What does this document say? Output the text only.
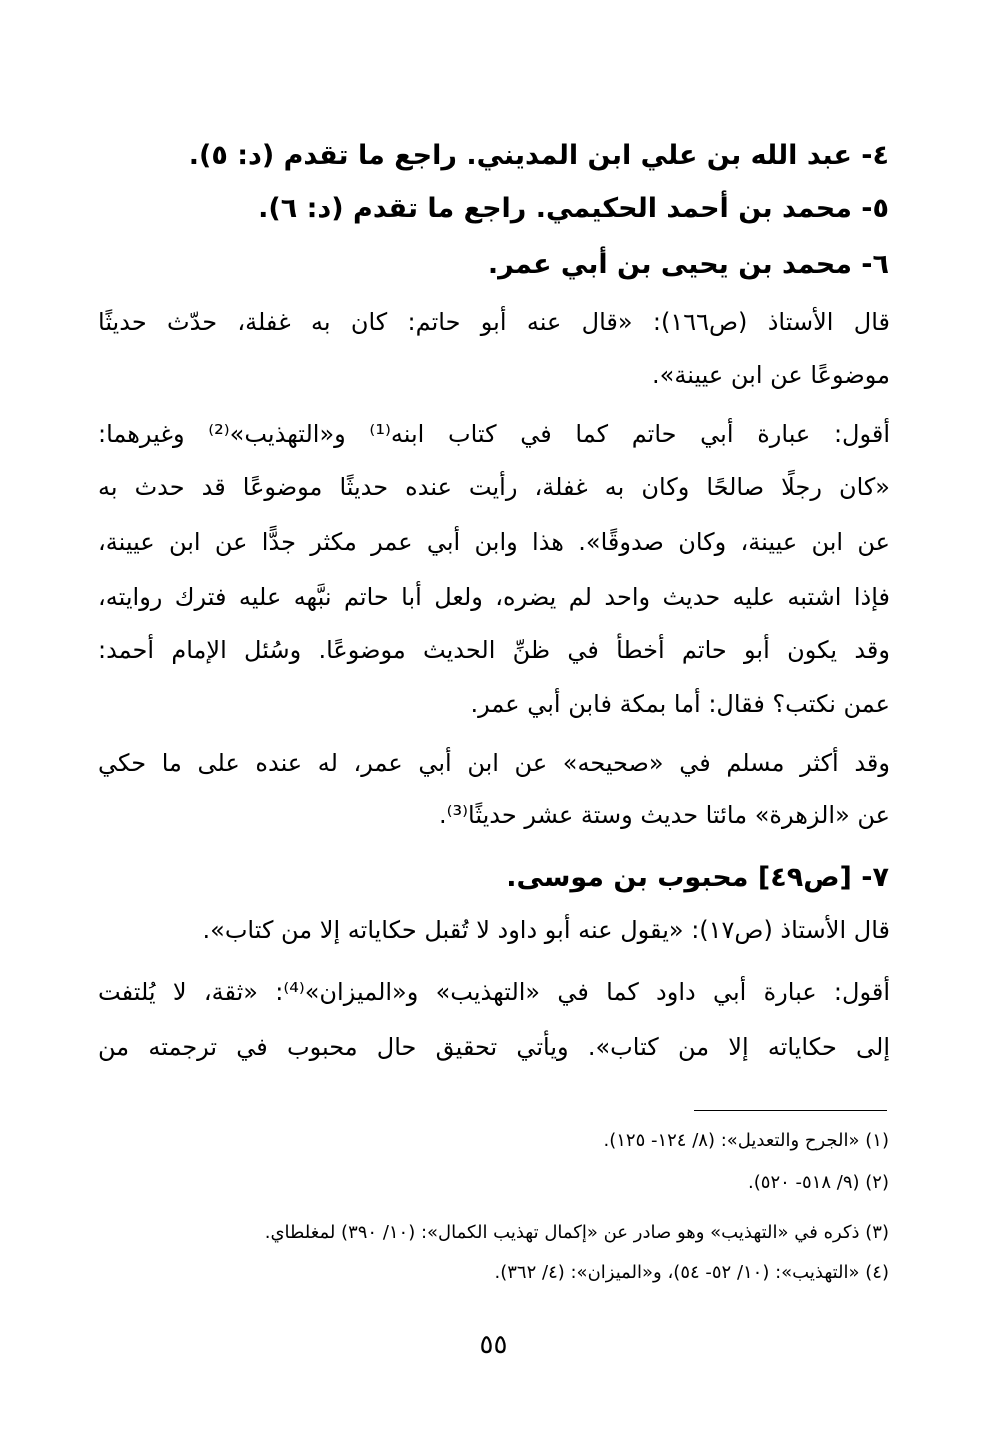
٤- عبد الله بن علي ابن المديني. راجع ما تقدم (د: ٥).
٥- محمد بن أحمد الحكيمي. راجع ما تقدم (د: ٦).
٦- محمد بن يحيى بن أبي عمر.
قال الأستاذ (ص١٦٦): «قال عنه أبو حاتم: كان به غفلة، حدّث حديثًا
موضوعًا عن ابن عيينة».
أقول: عبارة أبي حاتم كما في كتاب ابنه⁽¹⁾ و«التهذيب»⁽²⁾ وغيرهما:
«كان رجلًا صالحًا وكان به غفلة، رأيت عنده حديثًا موضوعًا قد حدث به
عن ابن عيينة، وكان صدوقًا». هذا وابن أبي عمر مكثر جدًّا عن ابن عيينة،
فإذا اشتبه عليه حديث واحد لم يضره، ولعل أبا حاتم نبَّهه عليه فترك روايته،
وقد يكون أبو حاتم أخطأ في ظنِّ الحديث موضوعًا. وسُئل الإمام أحمد:
عمن نكتب؟ فقال: أما بمكة فابن أبي عمر.
وقد أكثر مسلم في «صحيحه» عن ابن أبي عمر، له عنده على ما حكي
عن «الزهرة» مائتا حديث وستة عشر حديثًا⁽³⁾.
٧- [ص٤٩] محبوب بن موسى.
قال الأستاذ (ص١٧): «يقول عنه أبو داود لا تُقبل حكاياته إلا من كتاب».
أقول: عبارة أبي داود كما في «التهذيب» و«الميزان»⁽⁴⁾: «ثقة، لا يُلتفت
إلى حكاياته إلا من كتاب». ويأتي تحقيق حال محبوب في ترجمته من
(١) «الجرح والتعديل»: (٨/ ١٢٤- ١٢٥).
(٢) (٩/ ٥١٨- ٥٢٠).
(٣) ذكره في «التهذيب» وهو صادر عن «إكمال تهذيب الكمال»: (١٠/ ٣٩٠) لمغلطاي.
(٤) «التهذيب»: (١٠/ ٥٢- ٥٤)، و«الميزان»: (٤/ ٣٦٢).
٥٥
